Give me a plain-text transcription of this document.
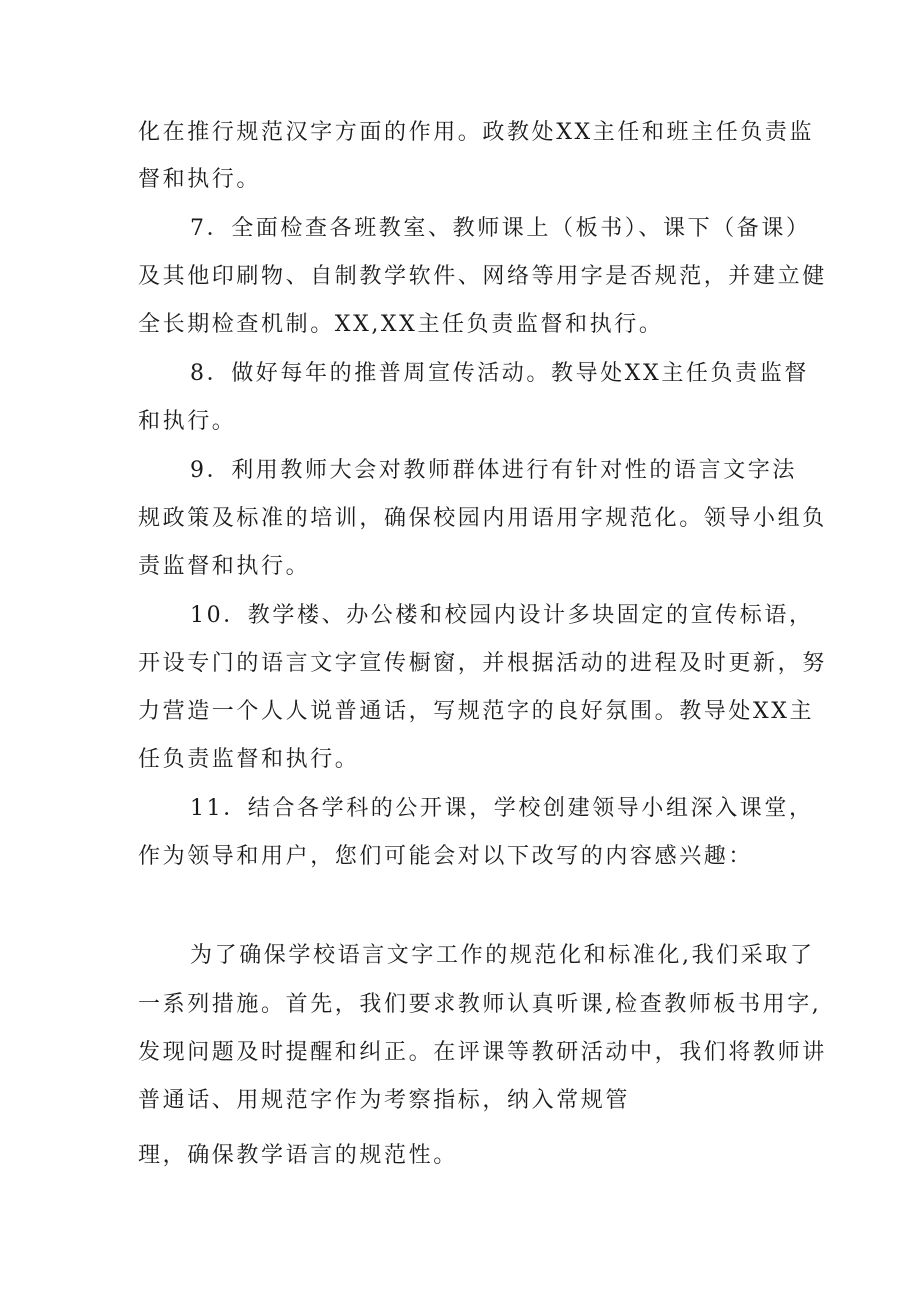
化在推行规范汉字方面的作用。政教处XX主任和班主任负责监
督和执行。
7．全面检查各班教室、教师课上（板书）、课下（备课）
及其他印刷物、自制教学软件、网络等用字是否规范，并建立健
全长期检查机制。XX,XX主任负责监督和执行。
8．做好每年的推普周宣传活动。教导处XX主任负责监督
和执行。
9．利用教师大会对教师群体进行有针对性的语言文字法
规政策及标准的培训，确保校园内用语用字规范化。领导小组负
责监督和执行。
10．教学楼、办公楼和校园内设计多块固定的宣传标语，
开设专门的语言文字宣传橱窗，并根据活动的进程及时更新，努
力营造一个人人说普通话，写规范字的良好氛围。教导处XX主
任负责监督和执行。
11．结合各学科的公开课，学校创建领导小组深入课堂，
作为领导和用户，您们可能会对以下改写的内容感兴趣：
为了确保学校语言文字工作的规范化和标准化,我们采取了
一系列措施。首先，我们要求教师认真听课,检查教师板书用字,
发现问题及时提醒和纠正。在评课等教研活动中，我们将教师讲
普通话、用规范字作为考察指标，纳入常规管
理，确保教学语言的规范性。
